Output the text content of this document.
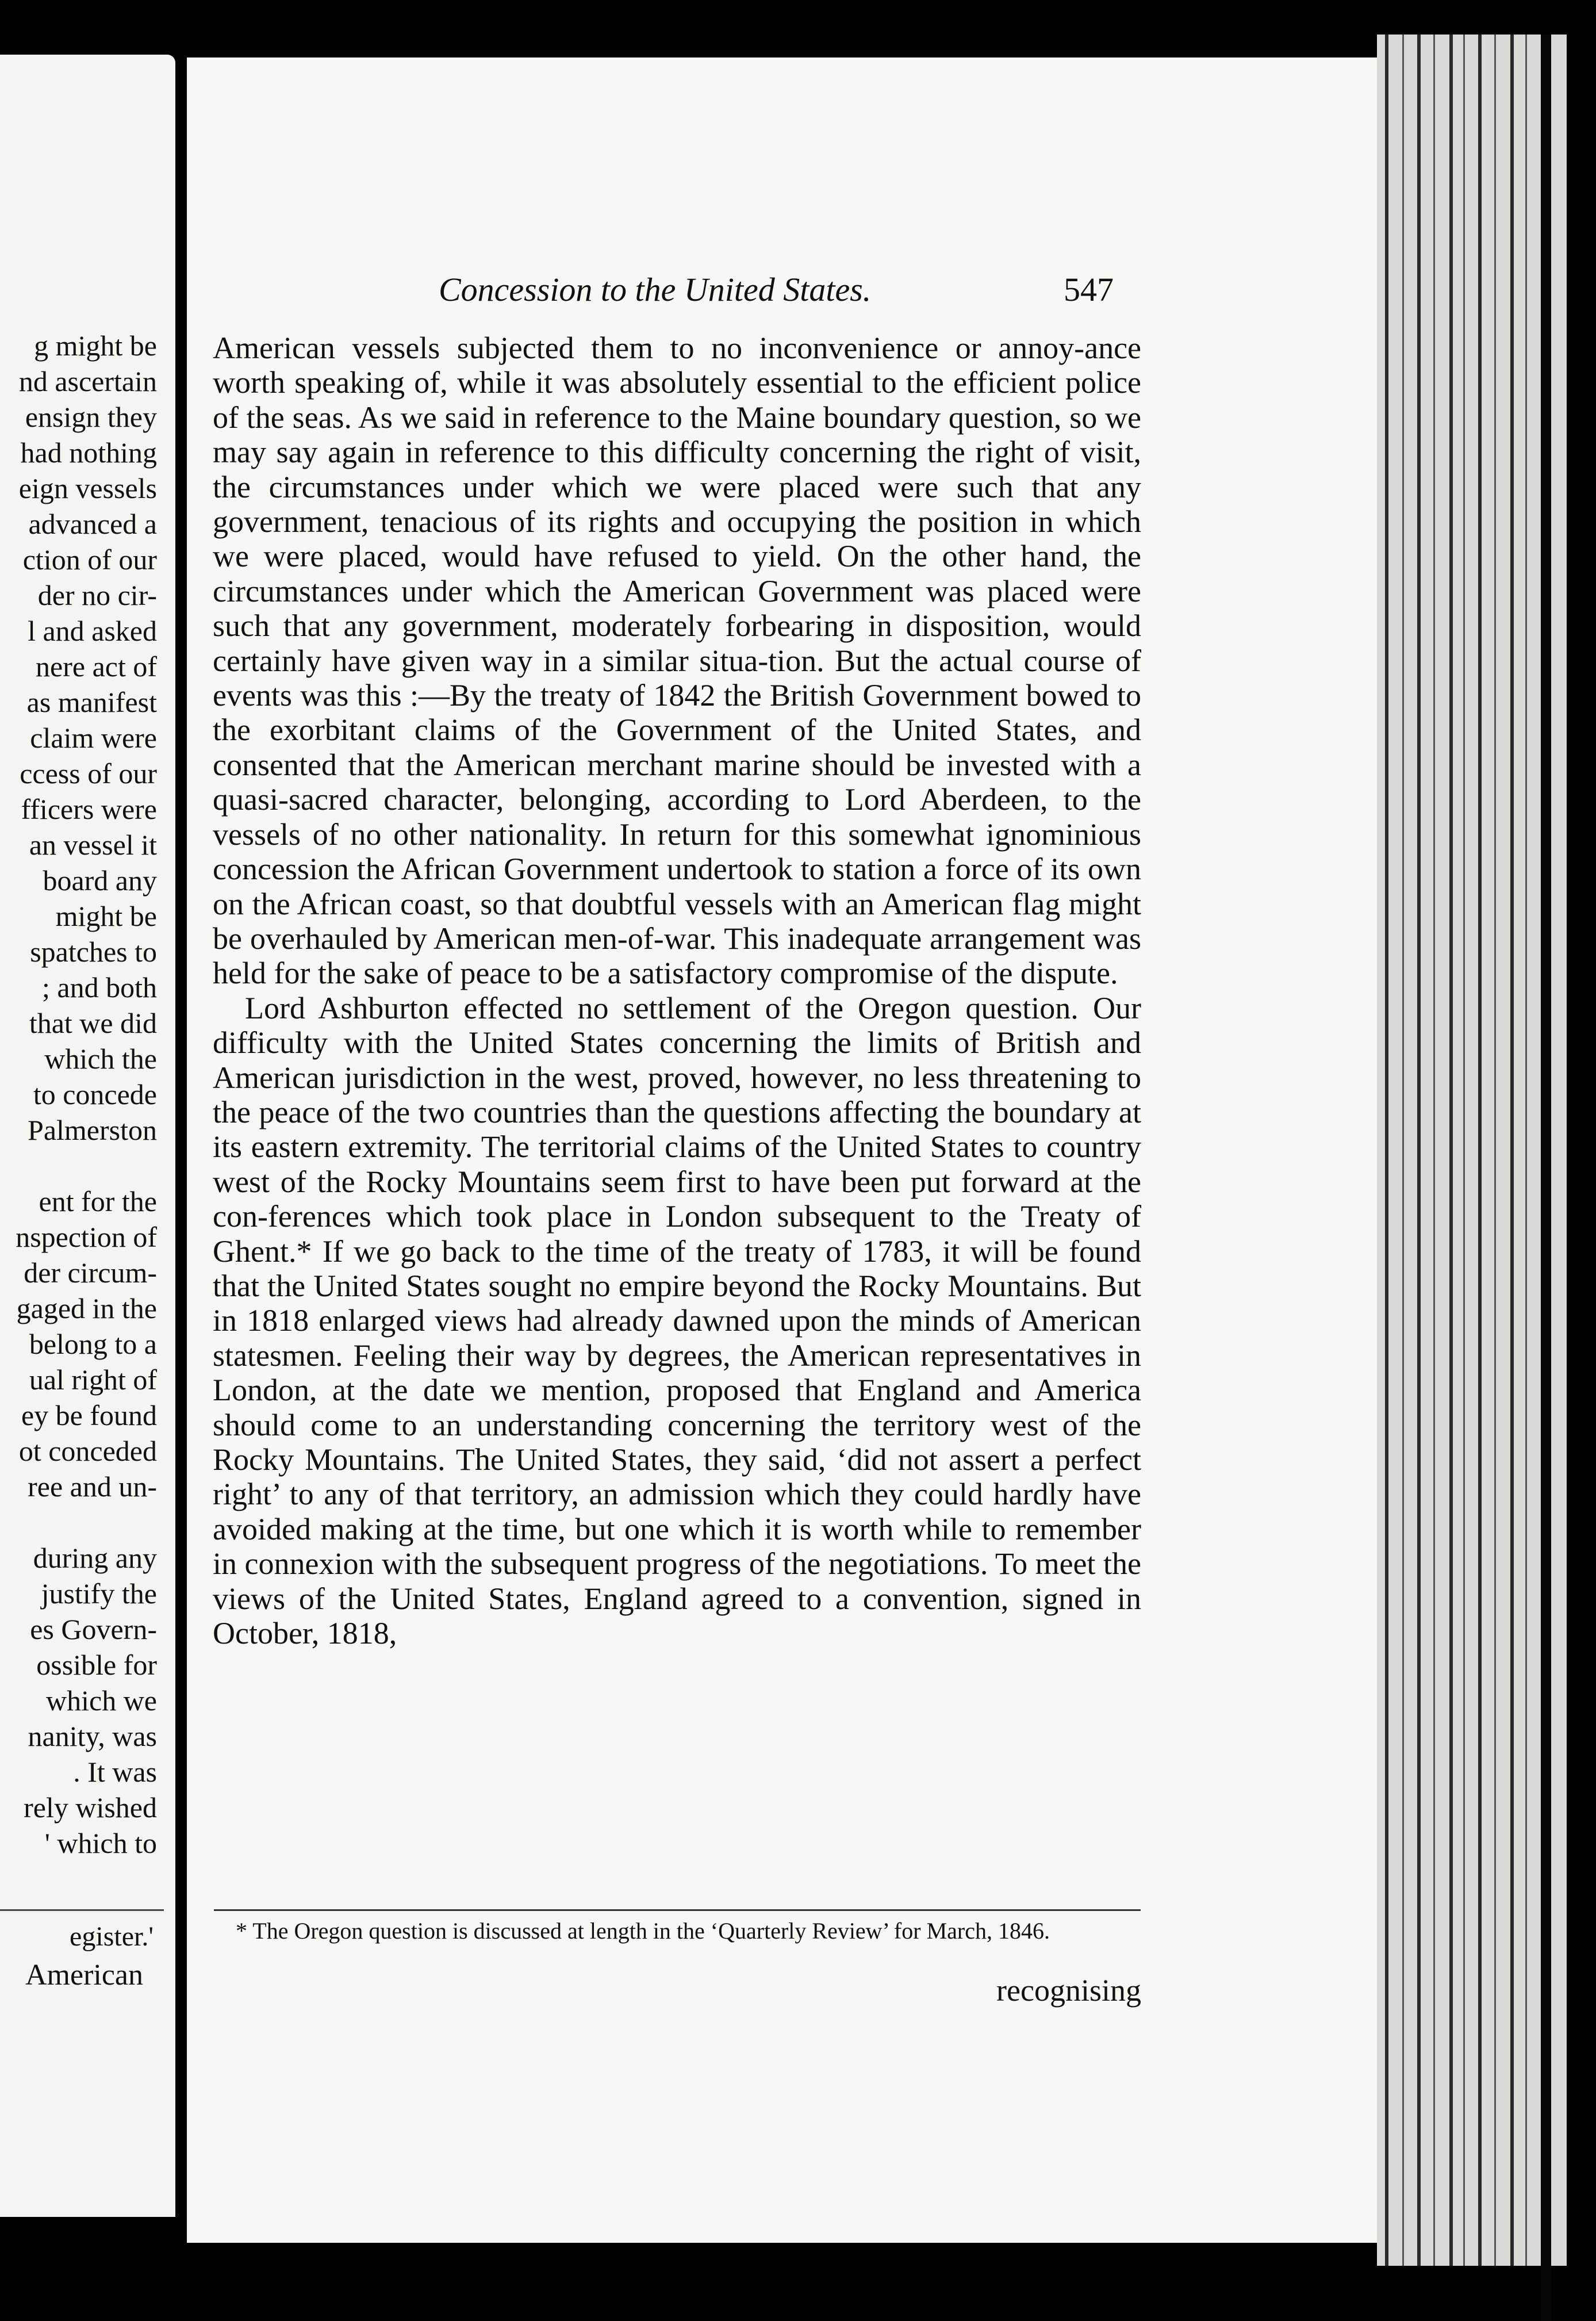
g might be
nd ascertain
ensign they
had nothing
eign vessels
advanced a
ction of our
der no cir-
l and asked
nere act of
as manifest
claim were
ccess of our
fficers were
an vessel it
board any
might be
spatches to
; and both
that we did
which the
to concede
Palmerston
ent for the
nspection of
der circum-
gaged in the
belong to a
ual right of
ey be found
ot conceded
ree and un-
during any
justify the
es Govern-
ossible for
which we
nanity, was
. It was
rely wished
' which to
egister.'
American
Concession to the United States.	547

American vessels subjected them to no inconvenience or annoy-ance worth speaking of, while it was absolutely essential to the efficient police of the seas. As we said in reference to the Maine boundary question, so we may say again in reference to this difficulty concerning the right of visit, the circumstances under which we were placed were such that any government, tenacious of its rights and occupying the position in which we were placed, would have refused to yield. On the other hand, the circumstances under which the American Government was placed were such that any government, moderately forbearing in disposition, would certainly have given way in a similar situa-tion. But the actual course of events was this :—By the treaty of 1842 the British Government bowed to the exorbitant claims of the Government of the United States, and consented that the American merchant marine should be invested with a quasi-sacred character, belonging, according to Lord Aberdeen, to the vessels of no other nationality. In return for this somewhat ignominious concession the African Government undertook to station a force of its own on the African coast, so that doubtful vessels with an American flag might be overhauled by American men-of-war. This inadequate arrangement was held for the sake of peace to be a satisfactory compromise of the dispute.

Lord Ashburton effected no settlement of the Oregon question. Our difficulty with the United States concerning the limits of British and American jurisdiction in the west, proved, however, no less threatening to the peace of the two countries than the questions affecting the boundary at its eastern extremity. The territorial claims of the United States to country west of the Rocky Mountains seem first to have been put forward at the con-ferences which took place in London subsequent to the Treaty of Ghent.* If we go back to the time of the treaty of 1783, it will be found that the United States sought no empire beyond the Rocky Mountains. But in 1818 enlarged views had already dawned upon the minds of American statesmen. Feeling their way by degrees, the American representatives in London, at the date we mention, proposed that England and America should come to an understanding concerning the territory west of the Rocky Mountains. The United States, they said, ‘did not assert a perfect right’ to any of that territory, an admission which they could hardly have avoided making at the time, but one which it is worth while to remember in connexion with the subsequent progress of the negotiations. To meet the views of the United States, England agreed to a convention, signed in October, 1818,

* The Oregon question is discussed at length in the ‘Quarterly Review’ for March, 1846.
recognising
